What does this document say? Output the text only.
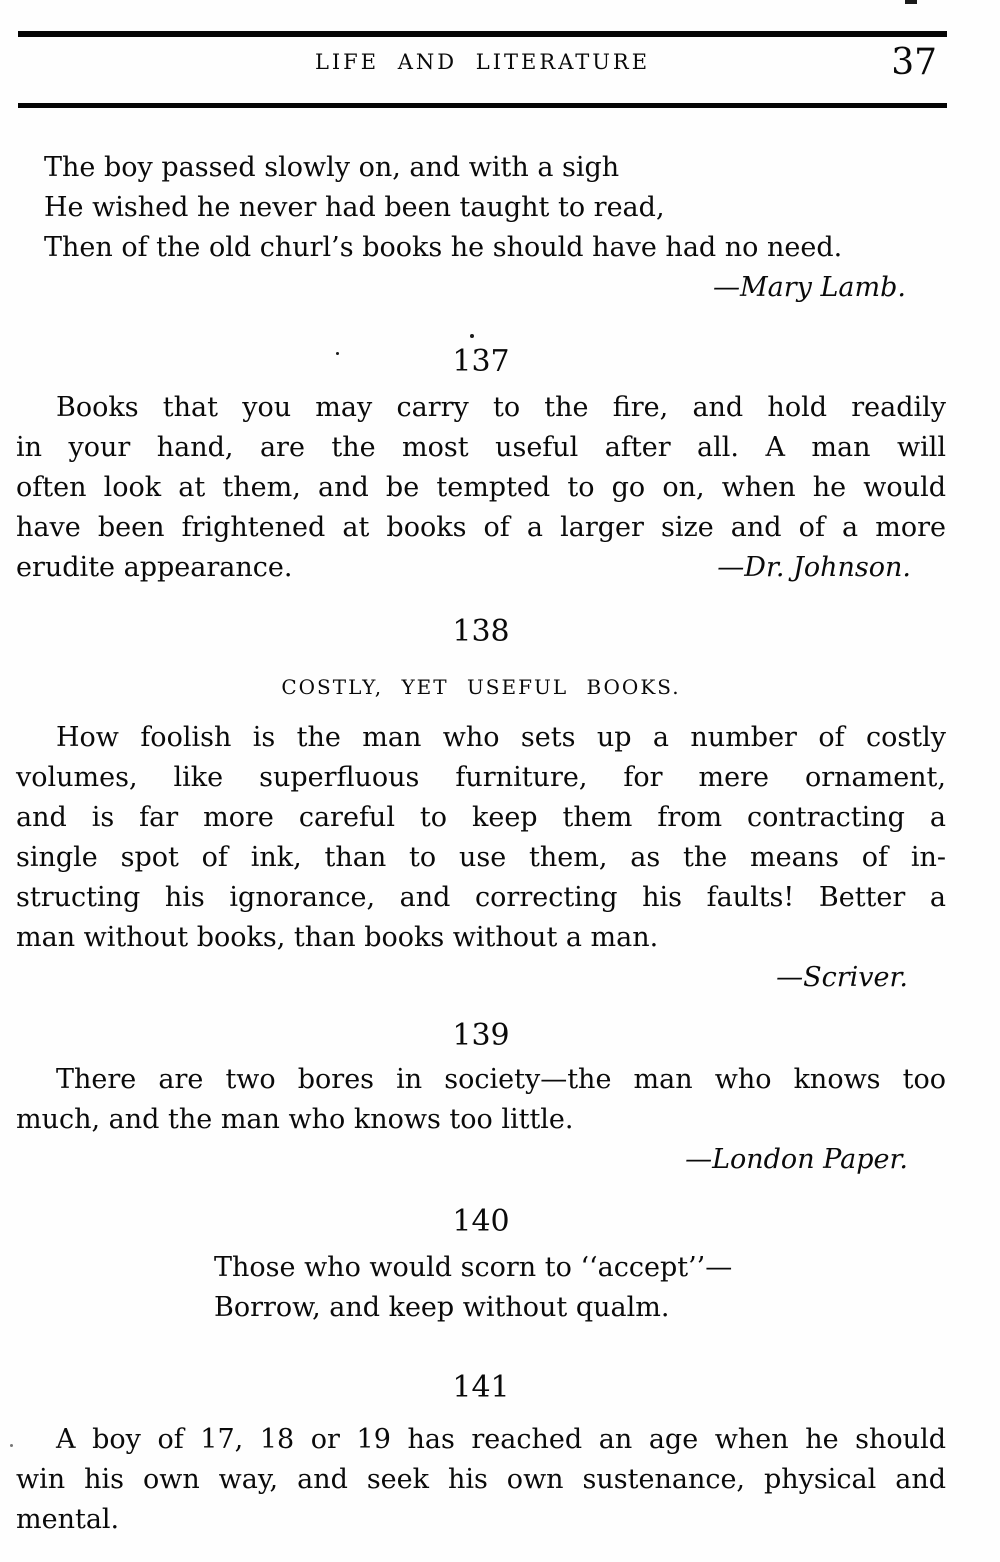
LIFE AND LITERATURE	37
The boy passed slowly on, and with a sigh
He wished he never had been taught to read,
Then of the old churl’s books he should have had no need.
—Mary Lamb.
137
Books that you may carry to the fire, and hold readily
in your hand, are the most useful after all. A man will
often look at them, and be tempted to go on, when he would
have been frightened at books of a larger size and of a more
erudite appearance.	—Dr. Johnson.
138
COSTLY, YET USEFUL BOOKS.
How foolish is the man who sets up a number of costly
volumes, like superfluous furniture, for mere ornament,
and is far more careful to keep them from contracting a
single spot of ink, than to use them, as the means of in-
structing his ignorance, and correcting his faults! Better a
man without books, than books without a man.
—Scriver.
139
There are two bores in society—the man who knows too
much, and the man who knows too little.
—London Paper.
140
Those who would scorn to ‘‘accept’’—
Borrow, and keep without qualm.
141
A boy of 17, 18 or 19 has reached an age when he should
win his own way, and seek his own sustenance, physical and
mental.
